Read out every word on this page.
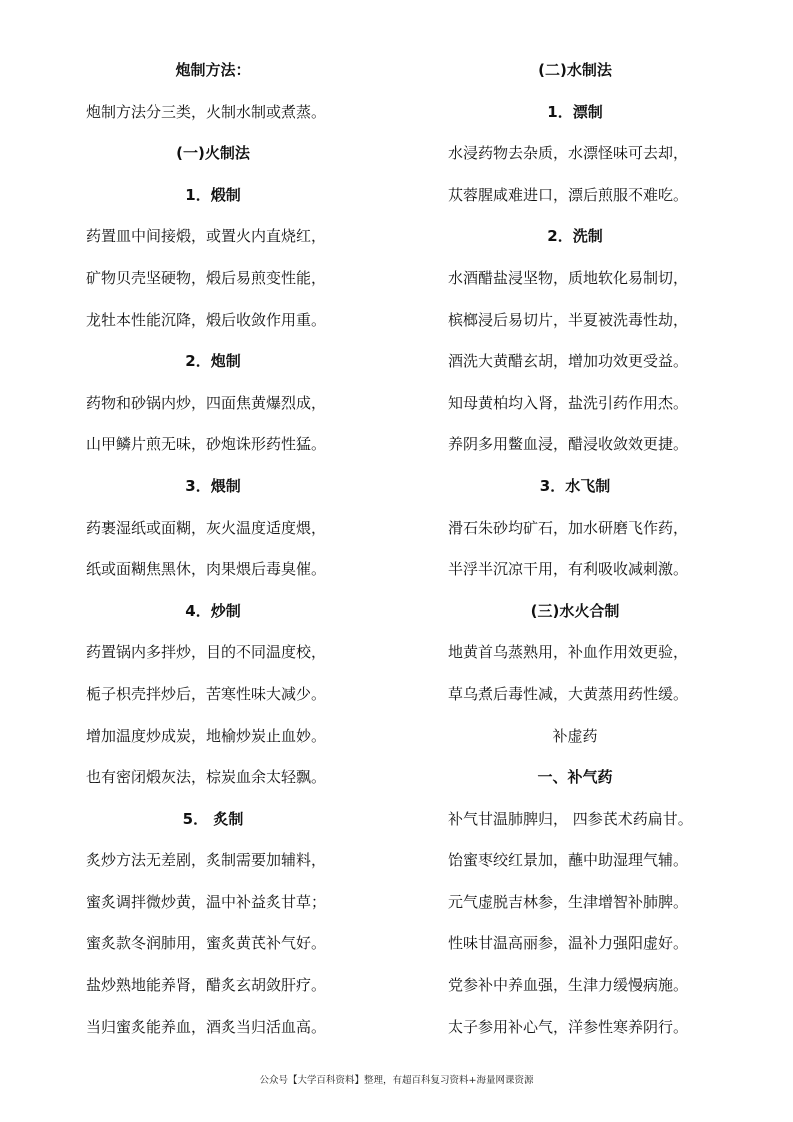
炮制方法：
炮制方法分三类，火制水制或煮蒸。
(一)火制法
1．煅制
药置皿中间接煅，或置火内直烧红，
矿物贝壳坚硬物，煅后易煎变性能，
龙牡本性能沉降，煅后收敛作用重。
2．炮制
药物和砂锅内炒，四面焦黄爆烈成，
山甲鳞片煎无味，砂炮诛形药性猛。
3．煨制
药裹湿纸或面糊，灰火温度适度煨，
纸或面糊焦黑休，肉果煨后毒臭催。
4．炒制
药置锅内多拌炒，目的不同温度校，
栀子枳壳拌炒后，苦寒性味大减少。
增加温度炒成炭，地榆炒炭止血妙。
也有密闭煅灰法，棕炭血余太轻飘。
5． 炙制
炙炒方法无差剧，炙制需要加辅料，
蜜炙调拌微炒黄，温中补益炙甘草；
蜜炙款冬润肺用，蜜炙黄芪补气好。
盐炒熟地能养肾，醋炙玄胡敛肝疗。
当归蜜炙能养血，酒炙当归活血高。
(二)水制法
1．漂制
水浸药物去杂质，水漂怪味可去却，
苁蓉腥咸难进口，漂后煎服不难吃。
2．洗制
水酒醋盐浸坚物，质地软化易制切，
槟榔浸后易切片，半夏被洗毒性劫，
酒洗大黄醋玄胡，增加功效更受益。
知母黄柏均入肾，盐洗引药作用杰。
养阴多用鳖血浸，醋浸收敛效更捷。
3．水飞制
滑石朱砂均矿石，加水研磨飞作药，
半浮半沉凉干用，有利吸收减刺激。
(三)水火合制
地黄首乌蒸熟用，补血作用效更验，
草乌煮后毒性减，大黄蒸用药性缓。
补虚药
一、补气药
补气甘温肺脾归， 四参芪术药扁甘。
饴蜜枣绞红景加，蘸中助湿理气辅。
元气虚脱吉林参，生津增智补肺脾。
性味甘温高丽参，温补力强阳虚好。
党参补中养血强，生津力缓慢病施。
太子参用补心气，洋参性寒养阴行。
公众号【大学百科资料】整理，有超百科复习资料+海量网课资源
